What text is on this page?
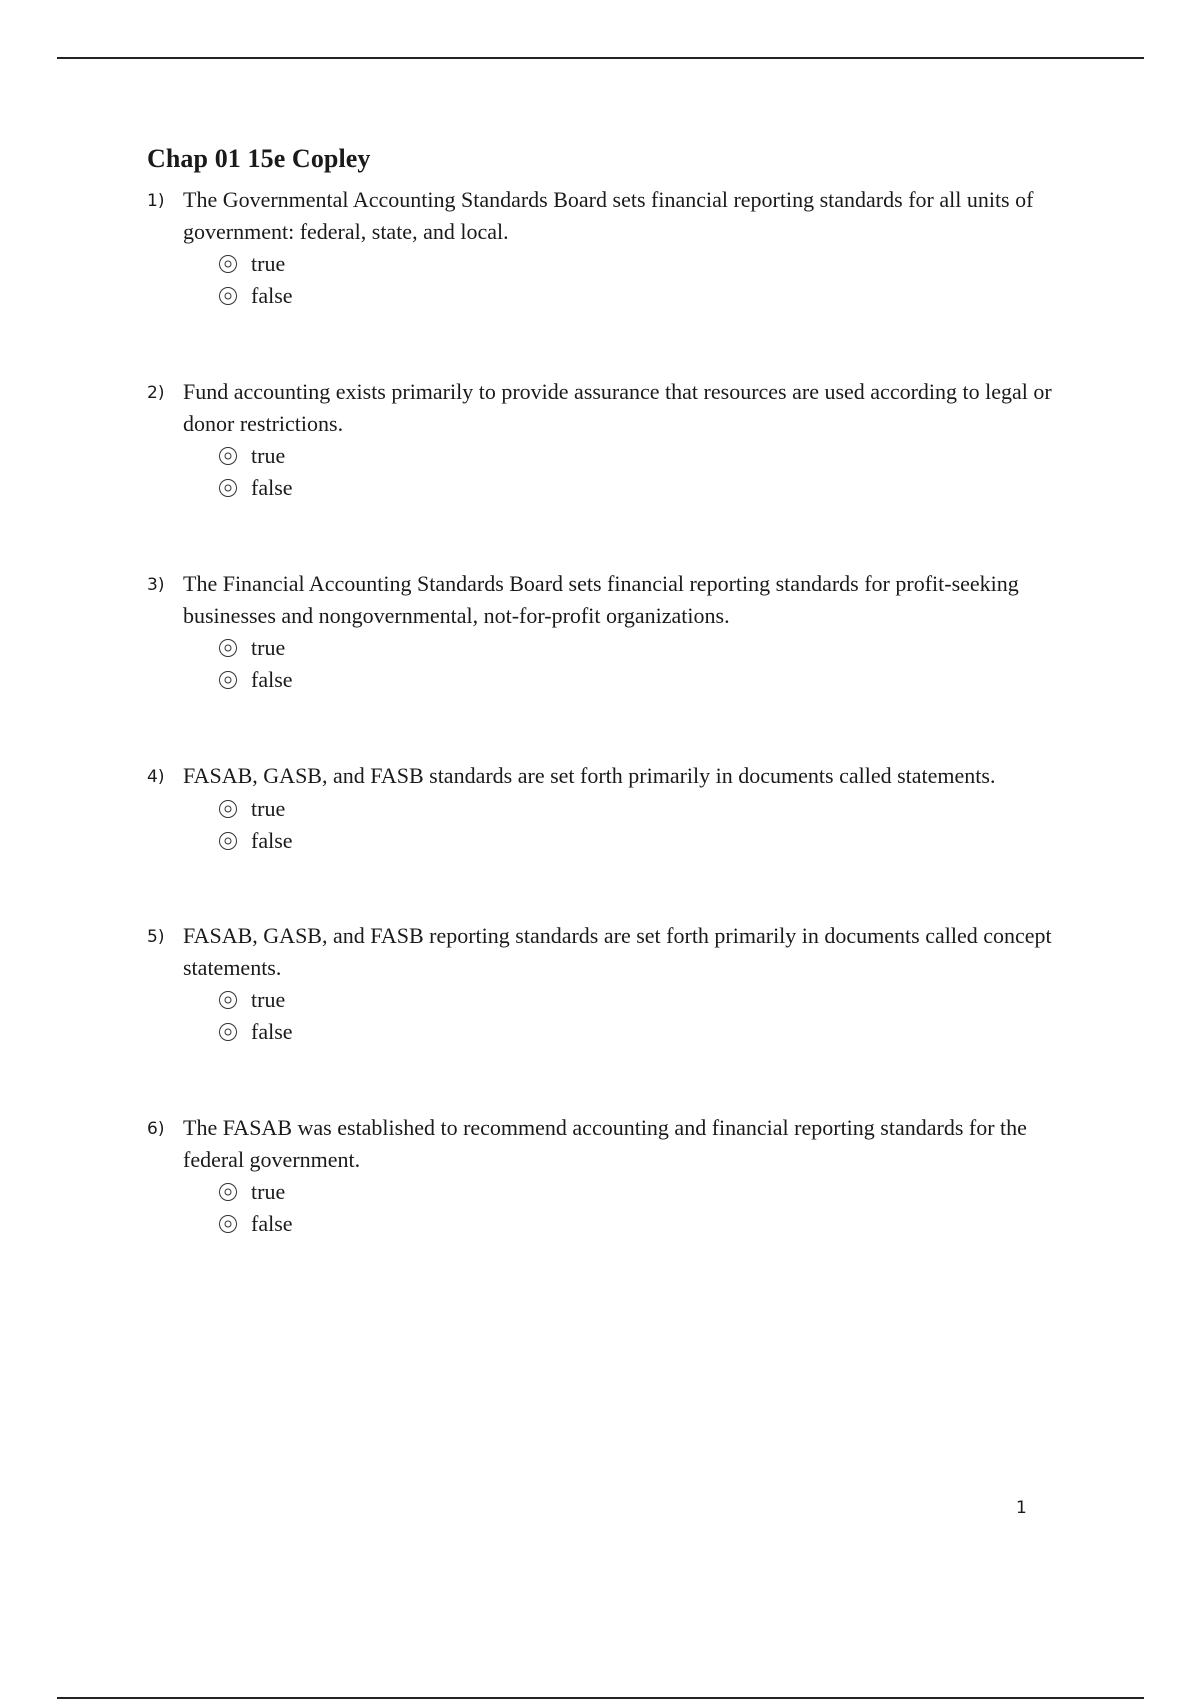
Chap 01 15e Copley
1) The Governmental Accounting Standards Board sets financial reporting standards for all units of government: federal, state, and local.
true
false
2) Fund accounting exists primarily to provide assurance that resources are used according to legal or donor restrictions.
true
false
3) The Financial Accounting Standards Board sets financial reporting standards for profit-seeking businesses and nongovernmental, not-for-profit organizations.
true
false
4) FASAB, GASB, and FASB standards are set forth primarily in documents called statements.
true
false
5) FASAB, GASB, and FASB reporting standards are set forth primarily in documents called concept statements.
true
false
6) The FASAB was established to recommend accounting and financial reporting standards for the federal government.
true
false
1
